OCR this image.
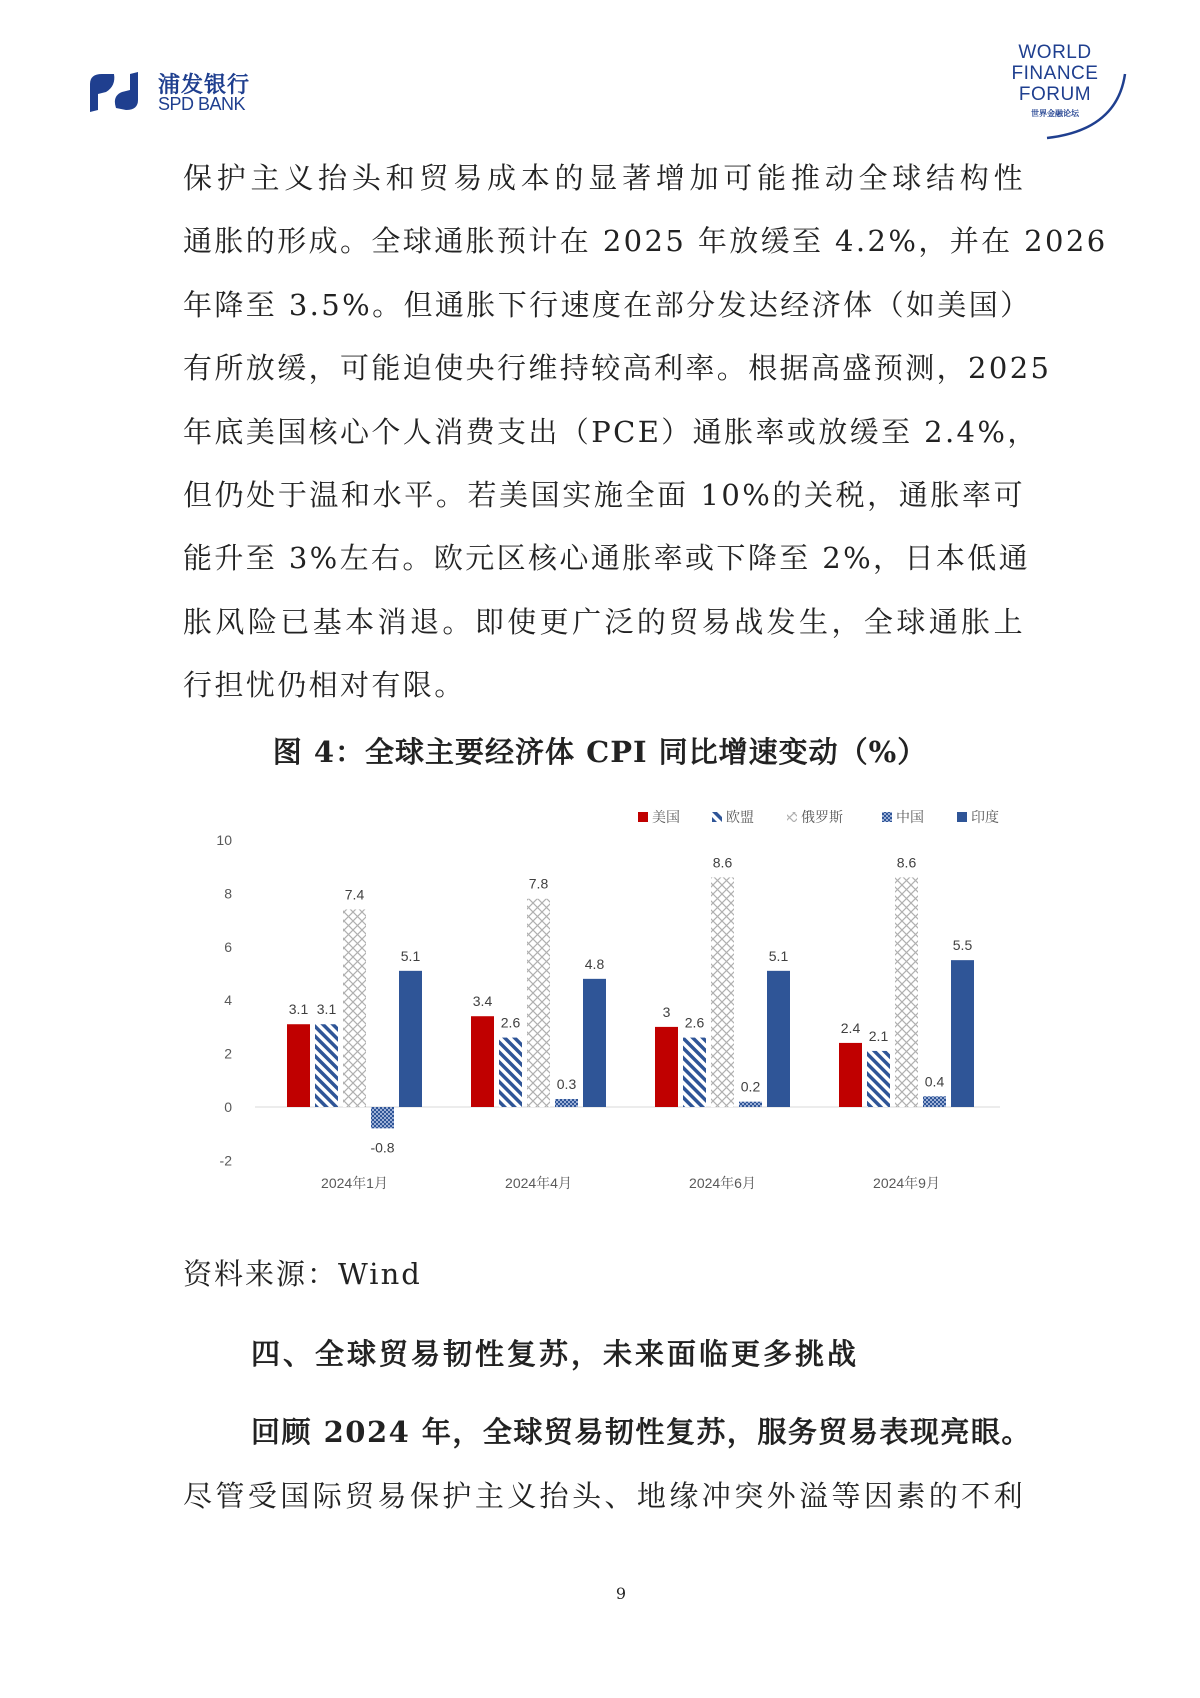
浦发银行
SPD BANK
WORLD
FINANCE
FORUM
世界金融论坛
保护主义抬头和贸易成本的显著增加可能推动全球结构性
通胀的形成。全球通胀预计在 2025 年放缓至 4.2%，并在 2026
年降至 3.5%。但通胀下行速度在部分发达经济体（如美国）
有所放缓，可能迫使央行维持较高利率。根据高盛预测，2025
年底美国核心个人消费支出（PCE）通胀率或放缓至 2.4%，
但仍处于温和水平。若美国实施全面 10%的关税，通胀率可
能升至 3%左右。欧元区核心通胀率或下降至 2%，日本低通
胀风险已基本消退。即使更广泛的贸易战发生，全球通胀上
行担忧仍相对有限。
图 4：全球主要经济体 CPI 同比增速变动（%）
美国	欧盟	俄罗斯	中国	印度
-2
0
2
4
6
8
10
3.1 3.1
7.4
-0.8
5.1
3.4
2.6
7.8
0.3
4.8
3
2.6
8.6
0.2
5.1
2.4
2.1
8.6
0.4
5.5
2024年1月	2024年4月	2024年6月	2024年9月
资料来源：Wind
四、全球贸易韧性复苏，未来面临更多挑战
回顾 2024 年，全球贸易韧性复苏，服务贸易表现亮眼。
尽管受国际贸易保护主义抬头、地缘冲突外溢等因素的不利
9
